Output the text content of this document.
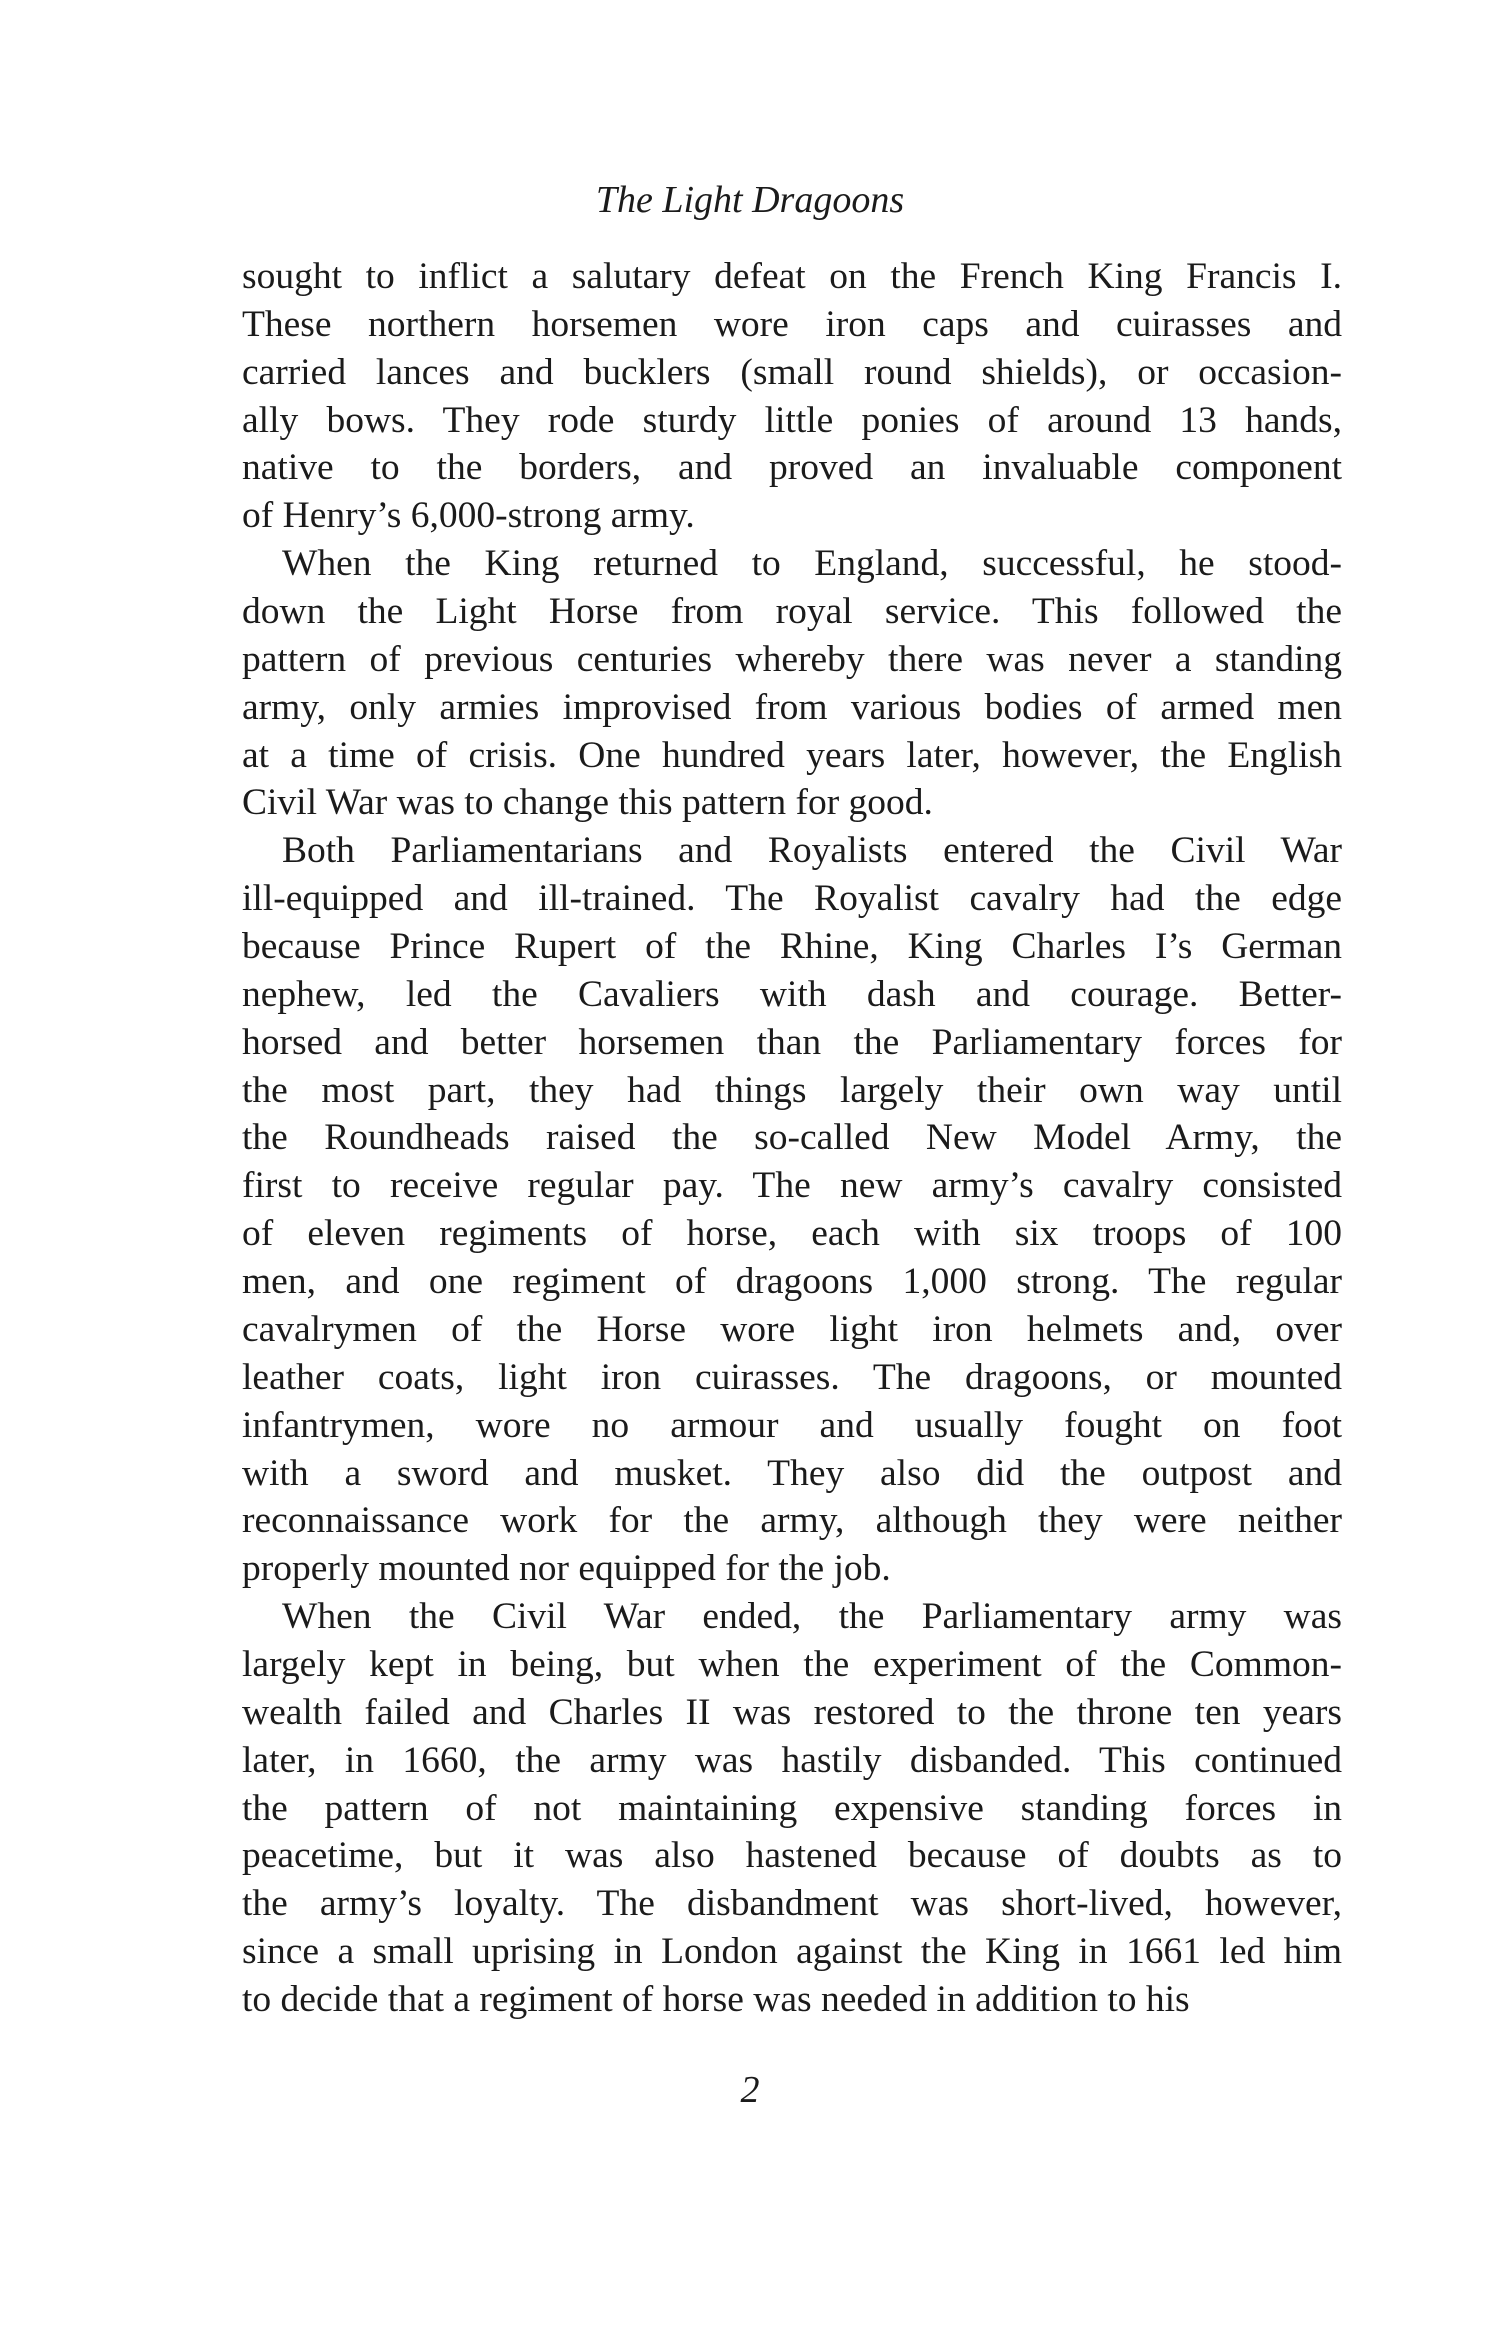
The Light Dragoons
sought to inflict a salutary defeat on the French King Francis I.
These northern horsemen wore iron caps and cuirasses and
carried lances and bucklers (small round shields), or occasion-
ally bows. They rode sturdy little ponies of around 13 hands,
native to the borders, and proved an invaluable component
of Henry’s 6,000-strong army.
When the King returned to England, successful, he stood-
down the Light Horse from royal service. This followed the
pattern of previous centuries whereby there was never a standing
army, only armies improvised from various bodies of armed men
at a time of crisis. One hundred years later, however, the English
Civil War was to change this pattern for good.
Both Parliamentarians and Royalists entered the Civil War
ill-equipped and ill-trained. The Royalist cavalry had the edge
because Prince Rupert of the Rhine, King Charles I’s German
nephew, led the Cavaliers with dash and courage. Better-
horsed and better horsemen than the Parliamentary forces for
the most part, they had things largely their own way until
the Roundheads raised the so-called New Model Army, the
first to receive regular pay. The new army’s cavalry consisted
of eleven regiments of horse, each with six troops of 100
men, and one regiment of dragoons 1,000 strong. The regular
cavalrymen of the Horse wore light iron helmets and, over
leather coats, light iron cuirasses. The dragoons, or mounted
infantrymen, wore no armour and usually fought on foot
with a sword and musket. They also did the outpost and
reconnaissance work for the army, although they were neither
properly mounted nor equipped for the job.
When the Civil War ended, the Parliamentary army was
largely kept in being, but when the experiment of the Common-
wealth failed and Charles II was restored to the throne ten years
later, in 1660, the army was hastily disbanded. This continued
the pattern of not maintaining expensive standing forces in
peacetime, but it was also hastened because of doubts as to
the army’s loyalty. The disbandment was short-lived, however,
since a small uprising in London against the King in 1661 led him
to decide that a regiment of horse was needed in addition to his
2
